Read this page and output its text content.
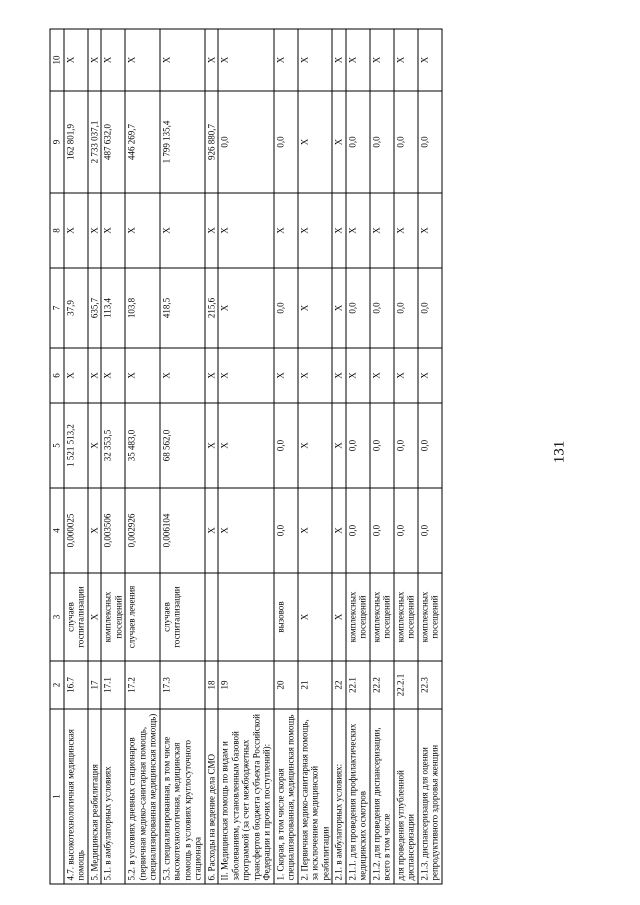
131
1	2	3	4	5	6	7	8	9	10
4.7. высокотехнологичная медицинская помощь	16.7	случаев госпитализации	0,000025	1 521 513,2	X	37,9	X	162 801,9	X
5. Медицинская реабилитация	17	X	X	X	X	635,7	X	2 733 037,1	X
5.1. в амбулаторных условиях	17.1	комплексных посещений	0,003506	32 353,5	X	113,4	X	487 632,0	X
5.2. в условиях дневных стационаров (первичная медико-санитарная помощь, специализированная медицинская помощь)	17.2	случаев лечения	0,002926	35 483,0	X	103,8	X	446 269,7	X
5.3. специализированная, в том числе высокотехнологичная, медицинская помощь в условиях круглосуточного стационара	17.3	случаев госпитализации	0,006104	68 562,0	X	418,5	X	1 799 135,4	X
6. Расходы на ведение дела СМО	18		X	X	X	215,6	X	926 880,7	X
II. Медицинская помощь по видам и заболеваниям, установленным базовой программой (за счет межбюджетных трансфертов бюджета субъекта Российской Федерации и прочих поступлений):	19		X	X	X	X	X	0,0	X
1. Скорая, в том числе скорая специализированная, медицинская помощь	20	вызовов	0,0	0,0	X	0,0	X	0,0	X
2. Первичная медико-санитарная помощь, за исключением медицинской реабилитации	21	X	X	X	X	X	X	X	X
2.1. в амбулаторных условиях:	22	X	X	X	X	X	X	X	X
2.1.1. для проведения профилактических медицинских осмотров	22.1	комплексных посещений	0,0	0,0	X	0,0	X	0,0	X
2.1.2. для проведения диспансеризации, всего в том числе	22.2	комплексных посещений	0,0	0,0	X	0,0	X	0,0	X
для проведения углубленной диспансеризации	22.2.1	комплексных посещений	0,0	0,0	X	0,0	X	0,0	X
2.1.3. диспансеризация для оценки репродуктивного здоровья женщин	22.3	комплексных посещений	0,0	0,0	X	0,0	X	0,0	X
